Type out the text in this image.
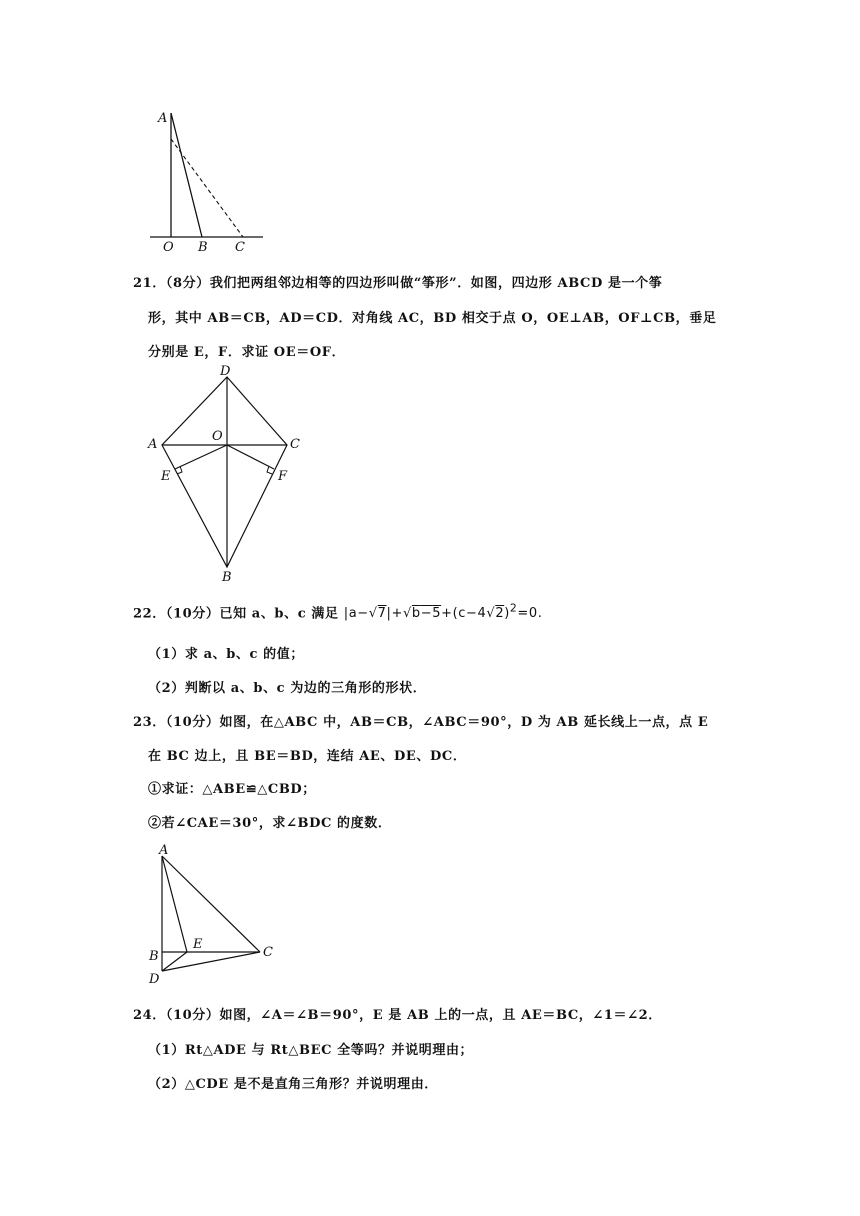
A
O B C
21．（8分）我们把两组邻边相等的四边形叫做“筝形”．如图，四边形 ABCD 是一个筝
形，其中 AB＝CB，AD＝CD．对角线 AC，BD 相交于点 O，OE⊥AB，OF⊥CB，垂足
分别是 E，F．求证 OE＝OF．
D
A
O
C
E	F
B
22．（10分）已知 a、b、c 满足 $|a-√7|+√b-5+(c-4√2)^2=0$.
（1）求 a、b、c 的值；
（2）判断以 a、b、c 为边的三角形的形状．
23．（10分）如图，在△ABC 中，AB＝CB，∠ABC＝90°，D 为 AB 延长线上一点，点 E
在 BC 边上，且 BE＝BD，连结 AE、DE、DC．
①求证：△ABE≌△CBD；
②若∠CAE＝30°，求∠BDC 的度数．
A
B
E
C
D
24．（10分）如图，∠A＝∠B＝90°，E 是 AB 上的一点，且 AE＝BC，∠1＝∠2．
（1）Rt△ADE 与 Rt△BEC 全等吗？并说明理由；
（2）△CDE 是不是直角三角形？并说明理由．
